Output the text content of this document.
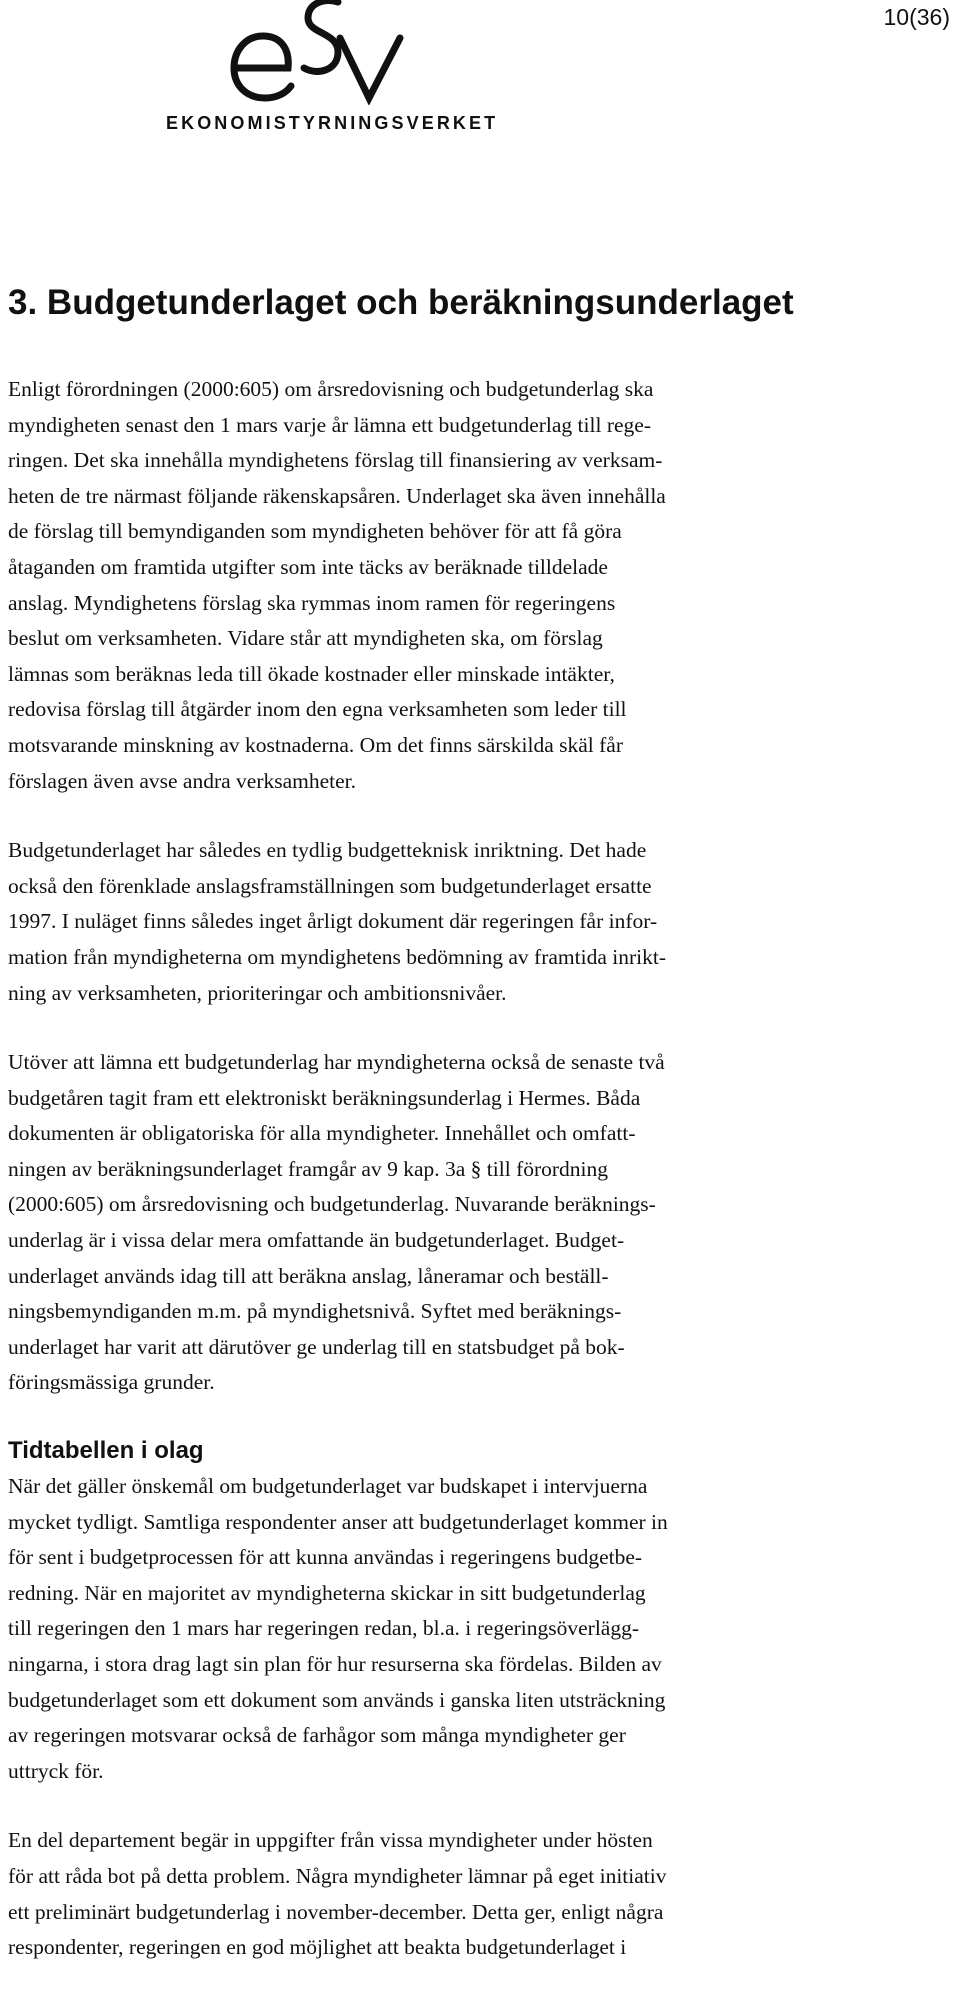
10(36)
EKONOMISTYRNINGSVERKET
3. Budgetunderlaget och beräkningsunderlaget
Enligt förordningen (2000:605) om årsredovisning och budgetunderlag ska
myndigheten senast den 1 mars varje år lämna ett budgetunderlag till rege-
ringen. Det ska innehålla myndighetens förslag till finansiering av verksam-
heten de tre närmast följande räkenskapsåren. Underlaget ska även innehålla
de förslag till bemyndiganden som myndigheten behöver för att få göra
åtaganden om framtida utgifter som inte täcks av beräknade tilldelade
anslag. Myndighetens förslag ska rymmas inom ramen för regeringens
beslut om verksamheten. Vidare står att myndigheten ska, om förslag
lämnas som beräknas leda till ökade kostnader eller minskade intäkter,
redovisa förslag till åtgärder inom den egna verksamheten som leder till
motsvarande minskning av kostnaderna. Om det finns särskilda skäl får
förslagen även avse andra verksamheter.
Budgetunderlaget har således en tydlig budgetteknisk inriktning. Det hade
också den förenklade anslagsframställningen som budgetunderlaget ersatte
1997. I nuläget finns således inget årligt dokument där regeringen får infor-
mation från myndigheterna om myndighetens bedömning av framtida inrikt-
ning av verksamheten, prioriteringar och ambitionsnivåer.
Utöver att lämna ett budgetunderlag har myndigheterna också de senaste två
budgetåren tagit fram ett elektroniskt beräkningsunderlag i Hermes. Båda
dokumenten är obligatoriska för alla myndigheter. Innehållet och omfatt-
ningen av beräkningsunderlaget framgår av 9 kap. 3a § till förordning
(2000:605) om årsredovisning och budgetunderlag. Nuvarande beräknings-
underlag är i vissa delar mera omfattande än budgetunderlaget. Budget-
underlaget används idag till att beräkna anslag, låneramar och beställ-
ningsbemyndiganden m.m. på myndighetsnivå. Syftet med beräknings-
underlaget har varit att därutöver ge underlag till en statsbudget på bok-
föringsmässiga grunder.
Tidtabellen i olag
När det gäller önskemål om budgetunderlaget var budskapet i intervjuerna
mycket tydligt. Samtliga respondenter anser att budgetunderlaget kommer in
för sent i budgetprocessen för att kunna användas i regeringens budgetbe-
redning. När en majoritet av myndigheterna skickar in sitt budgetunderlag
till regeringen den 1 mars har regeringen redan, bl.a. i regeringsöverlägg-
ningarna, i stora drag lagt sin plan för hur resurserna ska fördelas. Bilden av
budgetunderlaget som ett dokument som används i ganska liten utsträckning
av regeringen motsvarar också de farhågor som många myndigheter ger
uttryck för.
En del departement begär in uppgifter från vissa myndigheter under hösten
för att råda bot på detta problem. Några myndigheter lämnar på eget initiativ
ett preliminärt budgetunderlag i november-december. Detta ger, enligt några
respondenter, regeringen en god möjlighet att beakta budgetunderlaget i
